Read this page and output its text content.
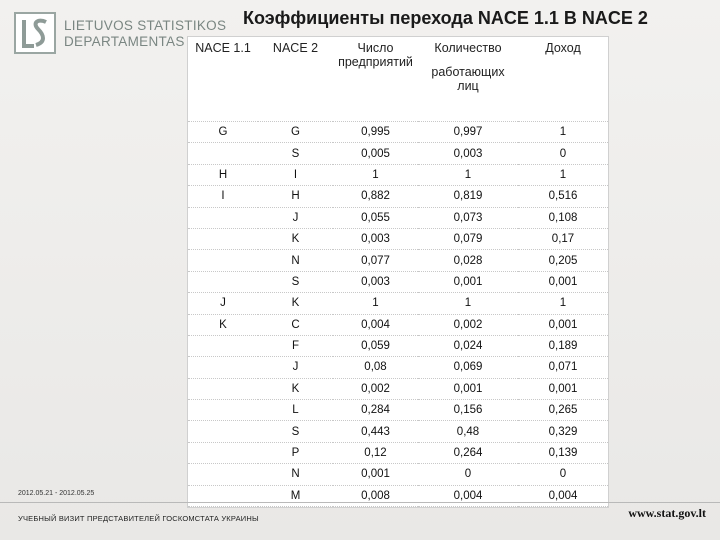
LIETUVOS STATISTIKOS
DEPARTAMENTAS
Коэффициенты перехода NACE 1.1 В NACE 2
NACE 1.1	NACE 2	Число предприятий	Количество
работающих
лиц	Доход

G	G	0,995	0,997	1
	S	0,005	0,003	0
H	I	1	1	1
I	H	0,882	0,819	0,516
	J	0,055	0,073	0,108
	K	0,003	0,079	0,17
	N	0,077	0,028	0,205
	S	0,003	0,001	0,001
J	K	1	1	1
K	C	0,004	0,002	0,001
	F	0,059	0,024	0,189
	J	0,08	0,069	0,071
	K	0,002	0,001	0,001
	L	0,284	0,156	0,265
	S	0,443	0,48	0,329
	P	0,12	0,264	0,139
	N	0,001	0	0
	M	0,008	0,004	0,004
2012.05.21 - 2012.05.25
УЧЕБНЫЙ ВИЗИТ ПРЕДСТАВИТЕЛЕЙ ГОСКОМСТАТА УКРАИНЫ	www.stat.gov.lt
